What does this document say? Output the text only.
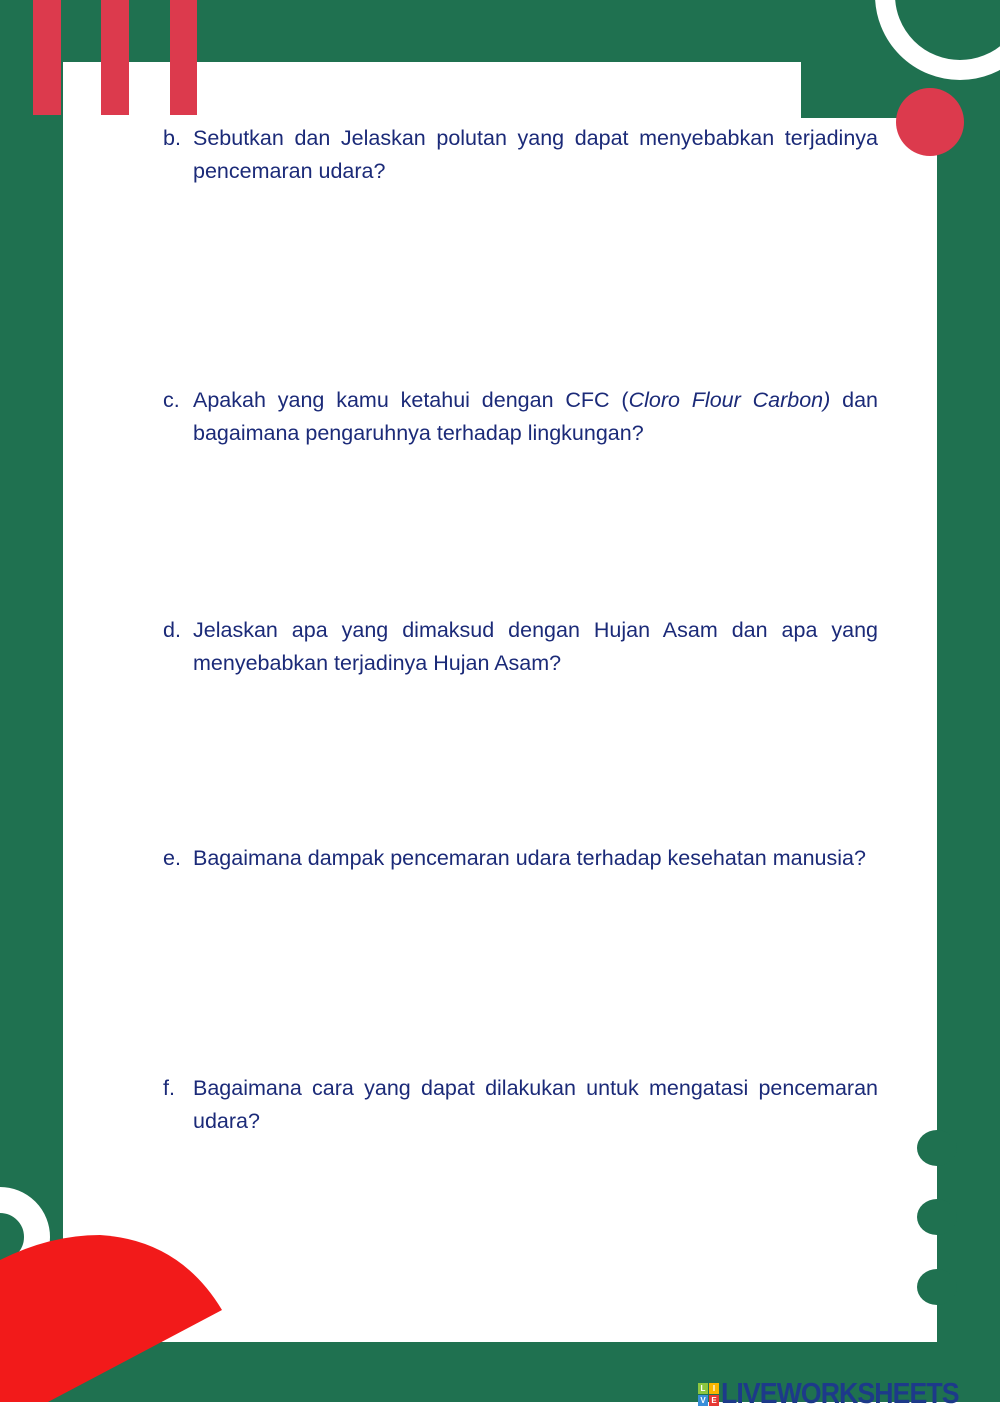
b. Sebutkan dan Jelaskan polutan yang dapat menyebabkan terjadinya pencemaran udara?
c. Apakah yang kamu ketahui dengan CFC (Cloro Flour Carbon) dan bagaimana pengaruhnya terhadap lingkungan?
d. Jelaskan apa yang dimaksud dengan Hujan Asam dan apa yang menyebabkan terjadinya Hujan Asam?
e. Bagaimana dampak pencemaran udara terhadap kesehatan manusia?
f. Bagaimana cara yang dapat dilakukan untuk mengatasi pencemaran udara?
L I
V E LIVEWORKSHEETS
